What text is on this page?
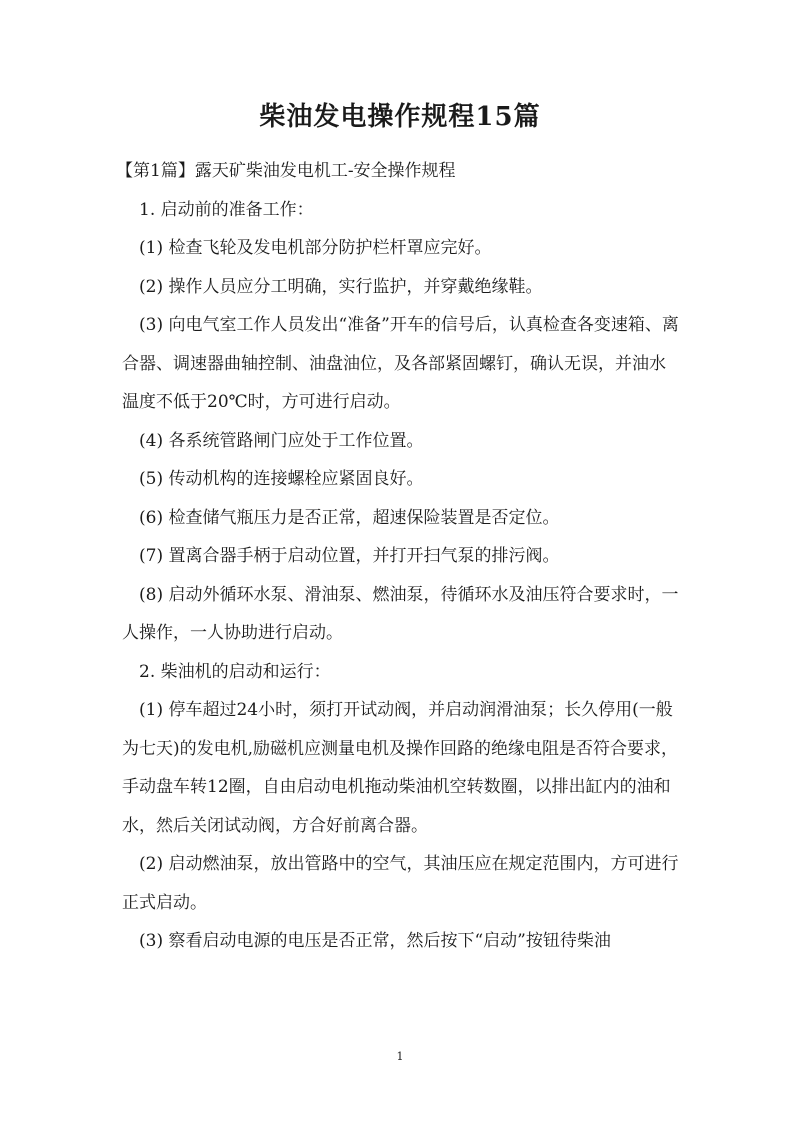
柴油发电操作规程15篇

【第1篇】露天矿柴油发电机工-安全操作规程

1. 启动前的准备工作：

(1) 检查飞轮及发电机部分防护栏杆罩应完好。

(2) 操作人员应分工明确，实行监护，并穿戴绝缘鞋。

(3) 向电气室工作人员发出“准备”开车的信号后，认真检查各变速箱、离合器、调速器曲轴控制、油盘油位，及各部紧固螺钉，确认无误，并油水温度不低于20℃时，方可进行启动。

(4) 各系统管路闸门应处于工作位置。

(5) 传动机构的连接螺栓应紧固良好。

(6) 检查储气瓶压力是否正常，超速保险装置是否定位。

(7) 置离合器手柄于启动位置，并打开扫气泵的排污阀。

(8) 启动外循环水泵、滑油泵、燃油泵，待循环水及油压符合要求时，一人操作，一人协助进行启动。

2. 柴油机的启动和运行：

(1) 停车超过24小时，须打开试动阀，并启动润滑油泵；长久停用(一般为七天)的发电机,励磁机应测量电机及操作回路的绝缘电阻是否符合要求，手动盘车转12圈，自由启动电机拖动柴油机空转数圈，以排出缸内的油和水，然后关闭试动阀，方合好前离合器。

(2) 启动燃油泵，放出管路中的空气，其油压应在规定范围内，方可进行正式启动。

(3) 察看启动电源的电压是否正常，然后按下“启动”按钮待柴油

1
